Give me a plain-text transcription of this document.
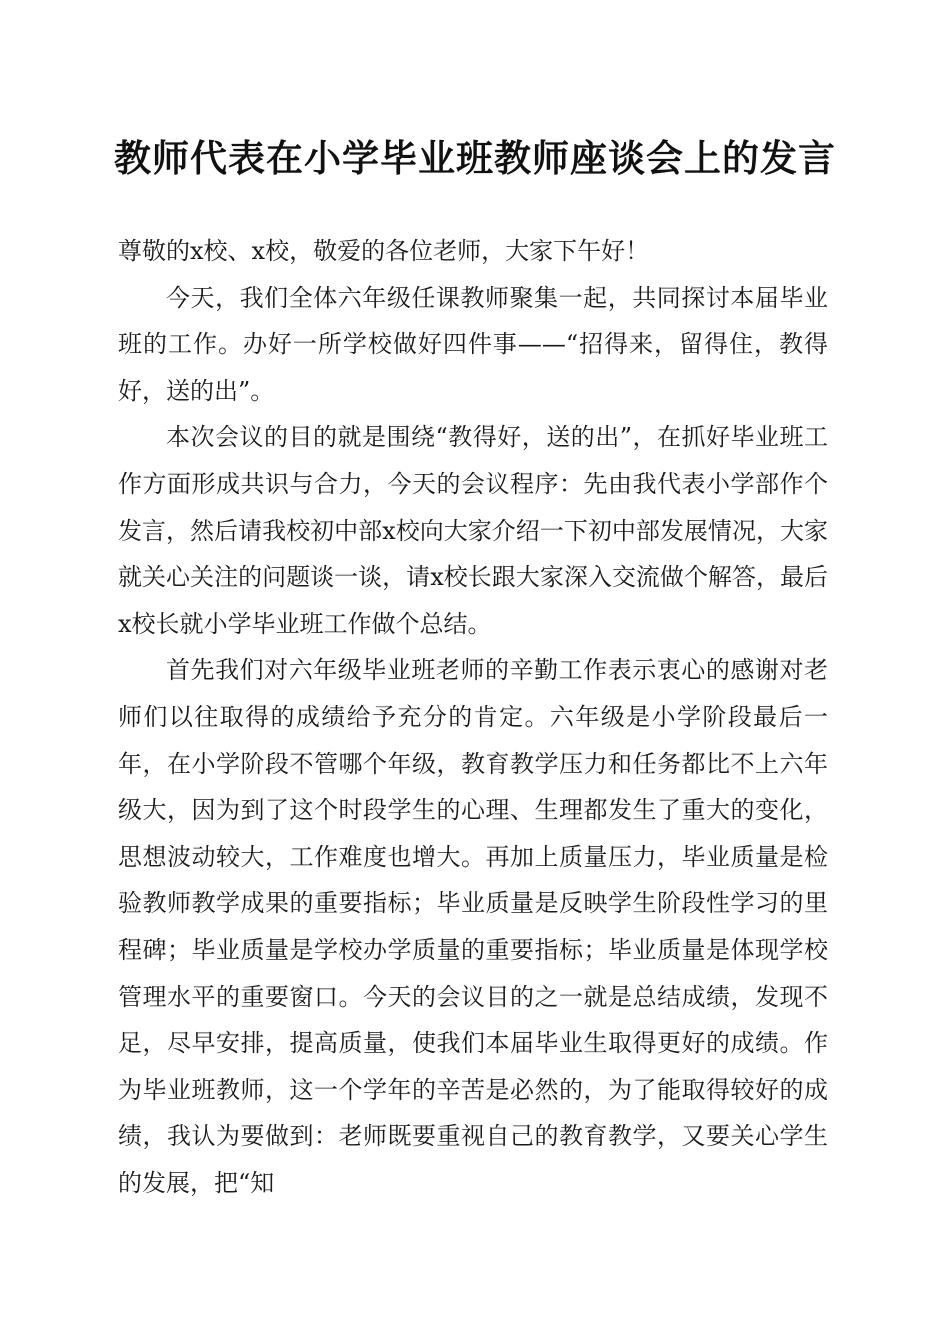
教师代表在小学毕业班教师座谈会上的发言

尊敬的x校、x校，敬爱的各位老师，大家下午好！

今天，我们全体六年级任课教师聚集一起，共同探讨本届毕业班的工作。办好一所学校做好四件事——“招得来，留得住，教得好，送的出”。

本次会议的目的就是围绕“教得好，送的出”，在抓好毕业班工作方面形成共识与合力，今天的会议程序：先由我代表小学部作个发言，然后请我校初中部x校向大家介绍一下初中部发展情况，大家就关心关注的问题谈一谈，请x校长跟大家深入交流做个解答，最后x校长就小学毕业班工作做个总结。

首先我们对六年级毕业班老师的辛勤工作表示衷心的感谢对老师们以往取得的成绩给予充分的肯定。六年级是小学阶段最后一年，在小学阶段不管哪个年级，教育教学压力和任务都比不上六年级大，因为到了这个时段学生的心理、生理都发生了重大的变化，思想波动较大，工作难度也增大。再加上质量压力，毕业质量是检验教师教学成果的重要指标；毕业质量是反映学生阶段性学习的里程碑；毕业质量是学校办学质量的重要指标；毕业质量是体现学校管理水平的重要窗口。今天的会议目的之一就是总结成绩，发现不足，尽早安排，提高质量，使我们本届毕业生取得更好的成绩。作为毕业班教师，这一个学年的辛苦是必然的，为了能取得较好的成绩，我认为要做到：老师既要重视自己的教育教学，又要关心学生的发展，把“知
